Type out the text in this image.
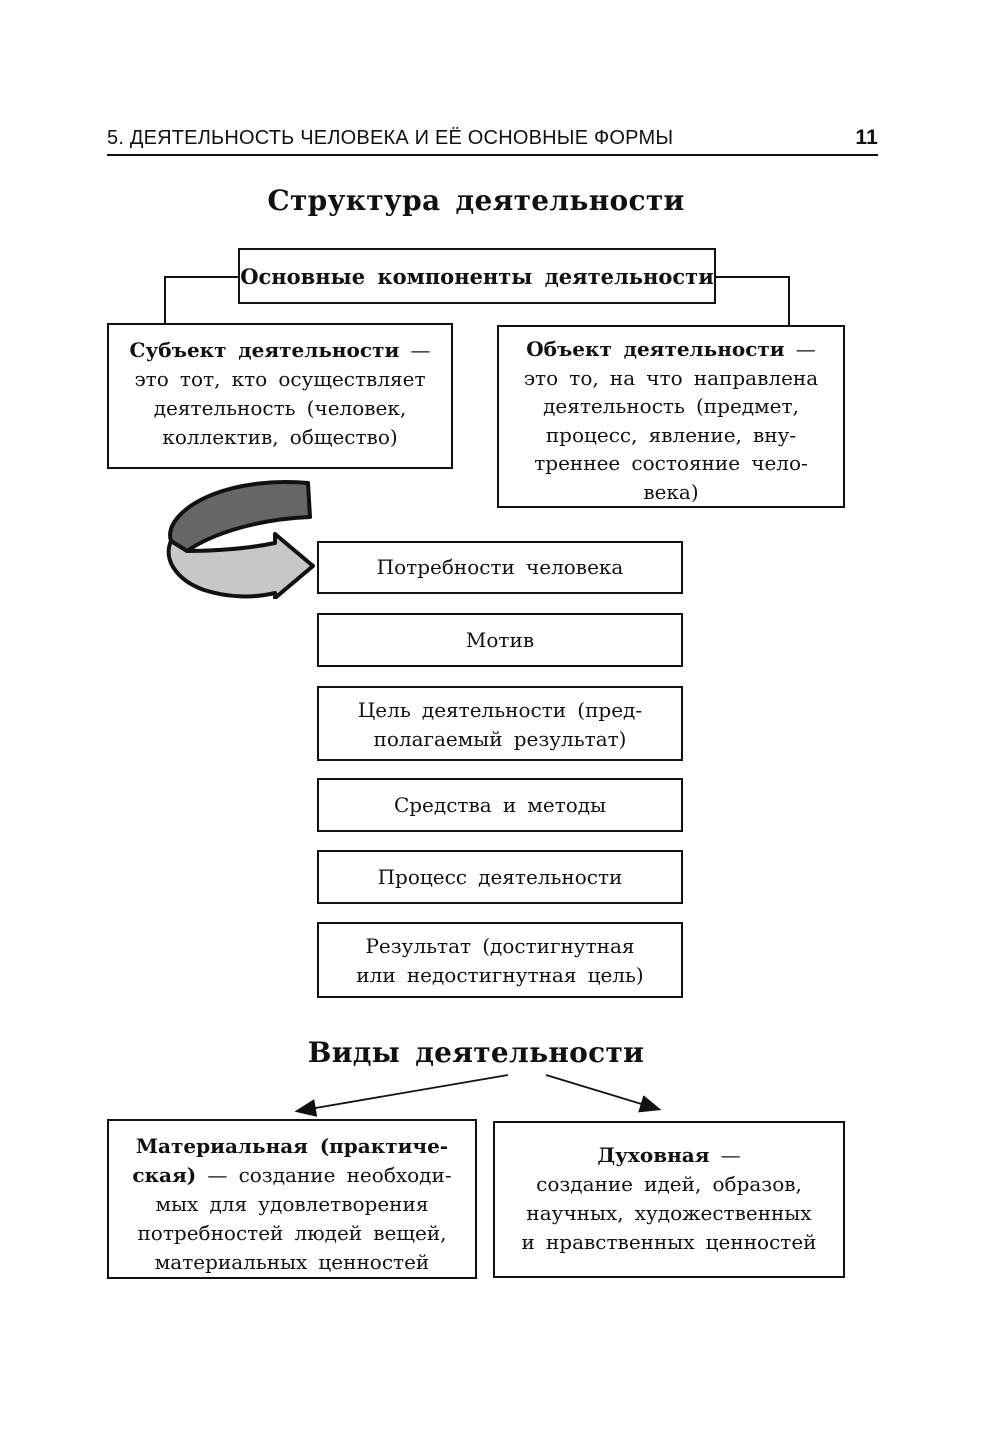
5. ДЕЯТЕЛЬНОСТЬ ЧЕЛОВЕКА И ЕЁ ОСНОВНЫЕ ФОРМЫ	11
Структура деятельности
Основные компоненты деятельности
Субъект деятельности —
это тот, кто осуществляет
деятельность (человек,
коллектив, общество)
Объект деятельности —
это то, на что направлена
деятельность (предмет,
процесс, явление, вну-
треннее состояние чело-
века)
Потребности человека
Мотив
Цель деятельности (пред-
полагаемый результат)
Средства и методы
Процесс деятельности
Результат (достигнутная
или недостигнутная цель)
Виды деятельности
Материальная (практиче-
ская) — создание необходи-
мых для удовлетворения
потребностей людей вещей,
материальных ценностей
Духовная —
создание идей, образов,
научных, художественных
и нравственных ценностей
